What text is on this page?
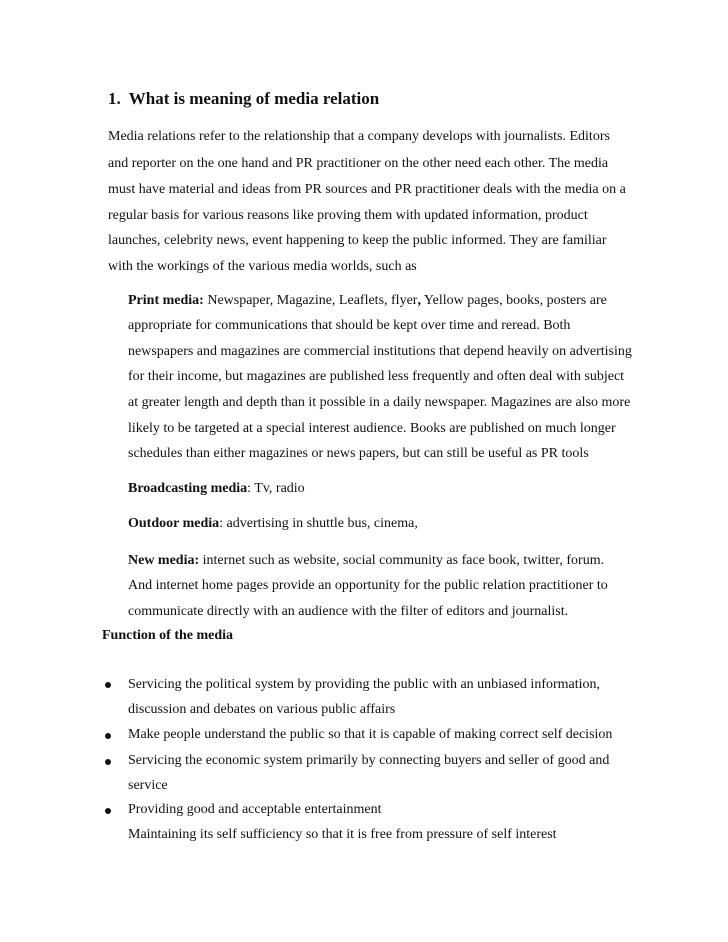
1. What is meaning of media relation
Media relations refer to the relationship that a company develops with journalists. Editors
and reporter on the one hand and PR practitioner on the other need each other. The media
must have material and ideas from PR sources and PR practitioner deals with the media on a
regular basis for various reasons like proving them with updated information, product
launches, celebrity news, event happening to keep the public informed. They are familiar
with the workings of the various media worlds, such as
Print media: Newspaper, Magazine, Leaflets, flyer, Yellow pages, books, posters are
appropriate for communications that should be kept over time and reread. Both
newspapers and magazines are commercial institutions that depend heavily on advertising
for their income, but magazines are published less frequently and often deal with subject
at greater length and depth than it possible in a daily newspaper. Magazines are also more
likely to be targeted at a special interest audience. Books are published on much longer
schedules than either magazines or news papers, but can still be useful as PR tools
Broadcasting media: Tv, radio
Outdoor media: advertising in shuttle bus, cinema,
New media: internet such as website, social community as face book, twitter, forum.
And internet home pages provide an opportunity for the public relation practitioner to
communicate directly with an audience with the filter of editors and journalist.
Function of the media
Servicing the political system by providing the public with an unbiased information,
discussion and debates on various public affairs
Make people understand the public so that it is capable of making correct self decision
Servicing the economic system primarily by connecting buyers and seller of good and
service
Providing good and acceptable entertainment
Maintaining its self sufficiency so that it is free from pressure of self interest
